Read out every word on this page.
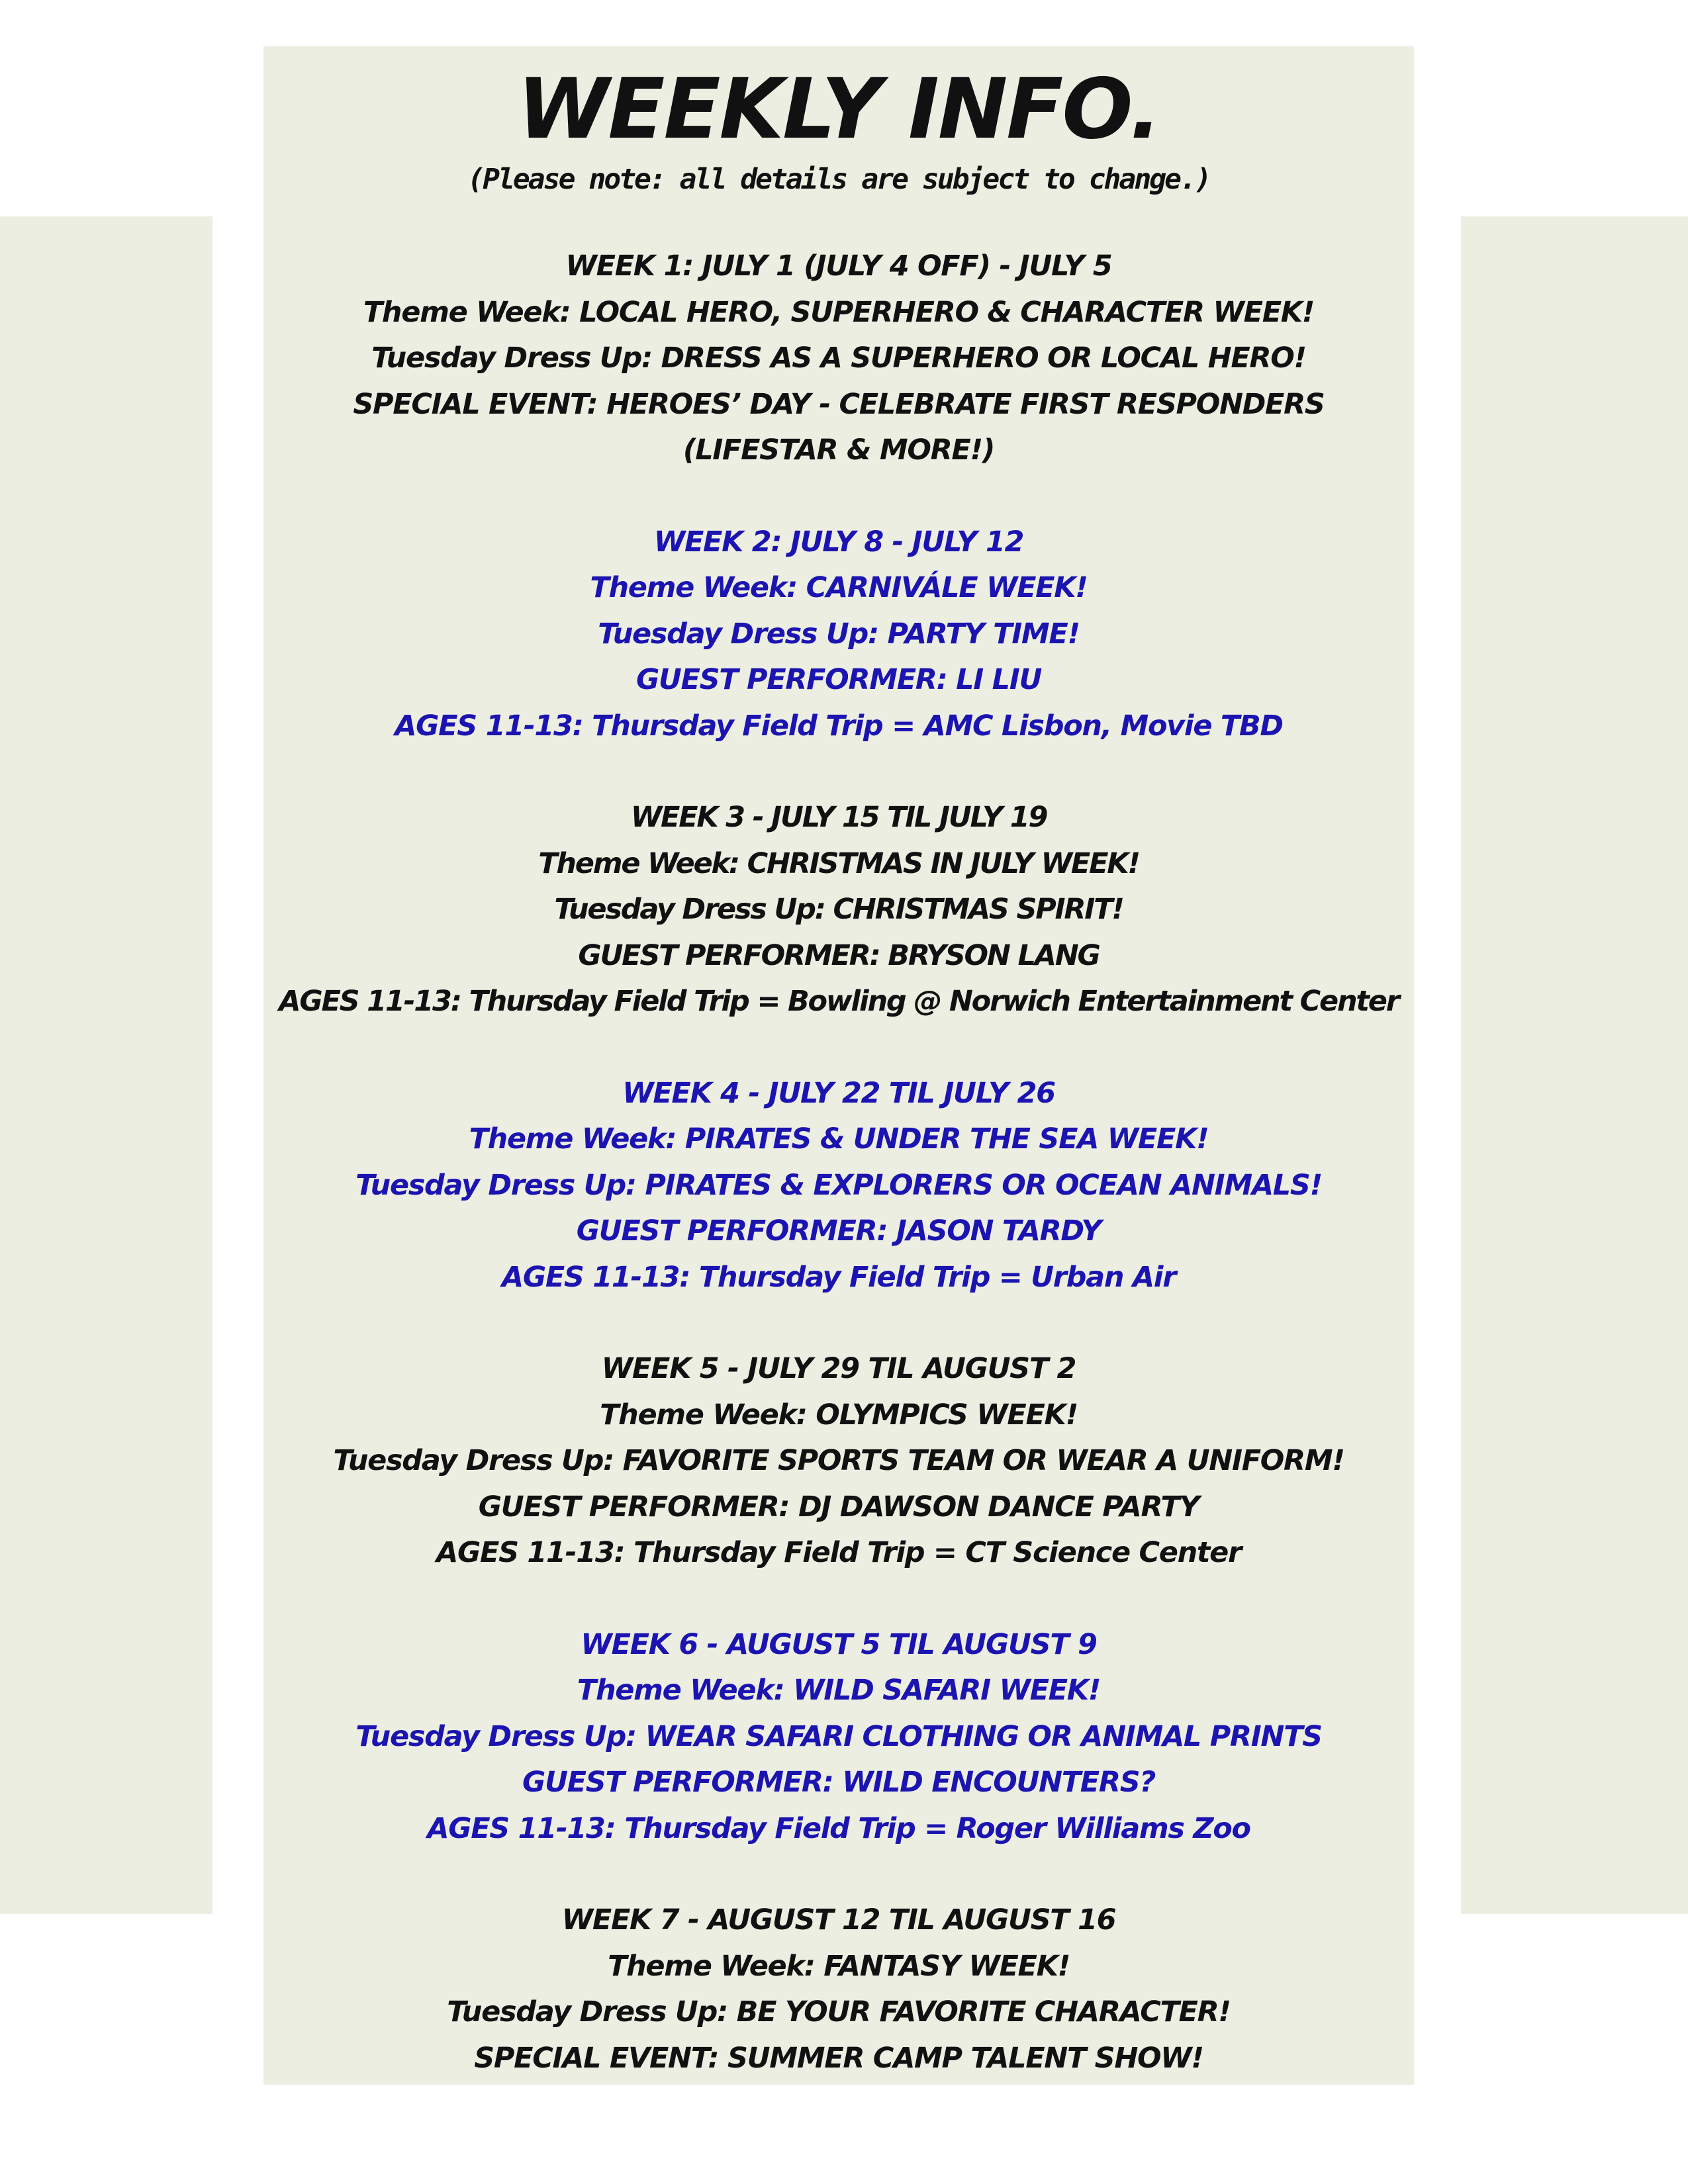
WEEKLY INFO.

(Please note: all details are subject to change.)

WEEK 1: JULY 1 (JULY 4 OFF) - JULY 5
Theme Week: LOCAL HERO, SUPERHERO & CHARACTER WEEK!
Tuesday Dress Up: DRESS AS A SUPERHERO OR LOCAL HERO!
SPECIAL EVENT: HEROES’ DAY - CELEBRATE FIRST RESPONDERS
(LIFESTAR & MORE!)
WEEK 2: JULY 8 - JULY 12
Theme Week: CARNIVÁLE WEEK!
Tuesday Dress Up: PARTY TIME!
GUEST PERFORMER: LI LIU
AGES 11-13: Thursday Field Trip = AMC Lisbon, Movie TBD
WEEK 3 - JULY 15 TIL JULY 19
Theme Week: CHRISTMAS IN JULY WEEK!
Tuesday Dress Up: CHRISTMAS SPIRIT!
GUEST PERFORMER: BRYSON LANG
AGES 11-13: Thursday Field Trip = Bowling @ Norwich Entertainment Center
WEEK 4 - JULY 22 TIL JULY 26
Theme Week: PIRATES & UNDER THE SEA WEEK!
Tuesday Dress Up: PIRATES & EXPLORERS OR OCEAN ANIMALS!
GUEST PERFORMER: JASON TARDY
AGES 11-13: Thursday Field Trip = Urban Air
WEEK 5 - JULY 29 TIL AUGUST 2
Theme Week: OLYMPICS WEEK!
Tuesday Dress Up: FAVORITE SPORTS TEAM OR WEAR A UNIFORM!
GUEST PERFORMER: DJ DAWSON DANCE PARTY
AGES 11-13: Thursday Field Trip = CT Science Center
WEEK 6 - AUGUST 5 TIL AUGUST 9
Theme Week: WILD SAFARI WEEK!
Tuesday Dress Up: WEAR SAFARI CLOTHING OR ANIMAL PRINTS
GUEST PERFORMER: WILD ENCOUNTERS?
AGES 11-13: Thursday Field Trip = Roger Williams Zoo
WEEK 7 - AUGUST 12 TIL AUGUST 16
Theme Week: FANTASY WEEK!
Tuesday Dress Up: BE YOUR FAVORITE CHARACTER!
SPECIAL EVENT: SUMMER CAMP TALENT SHOW!
